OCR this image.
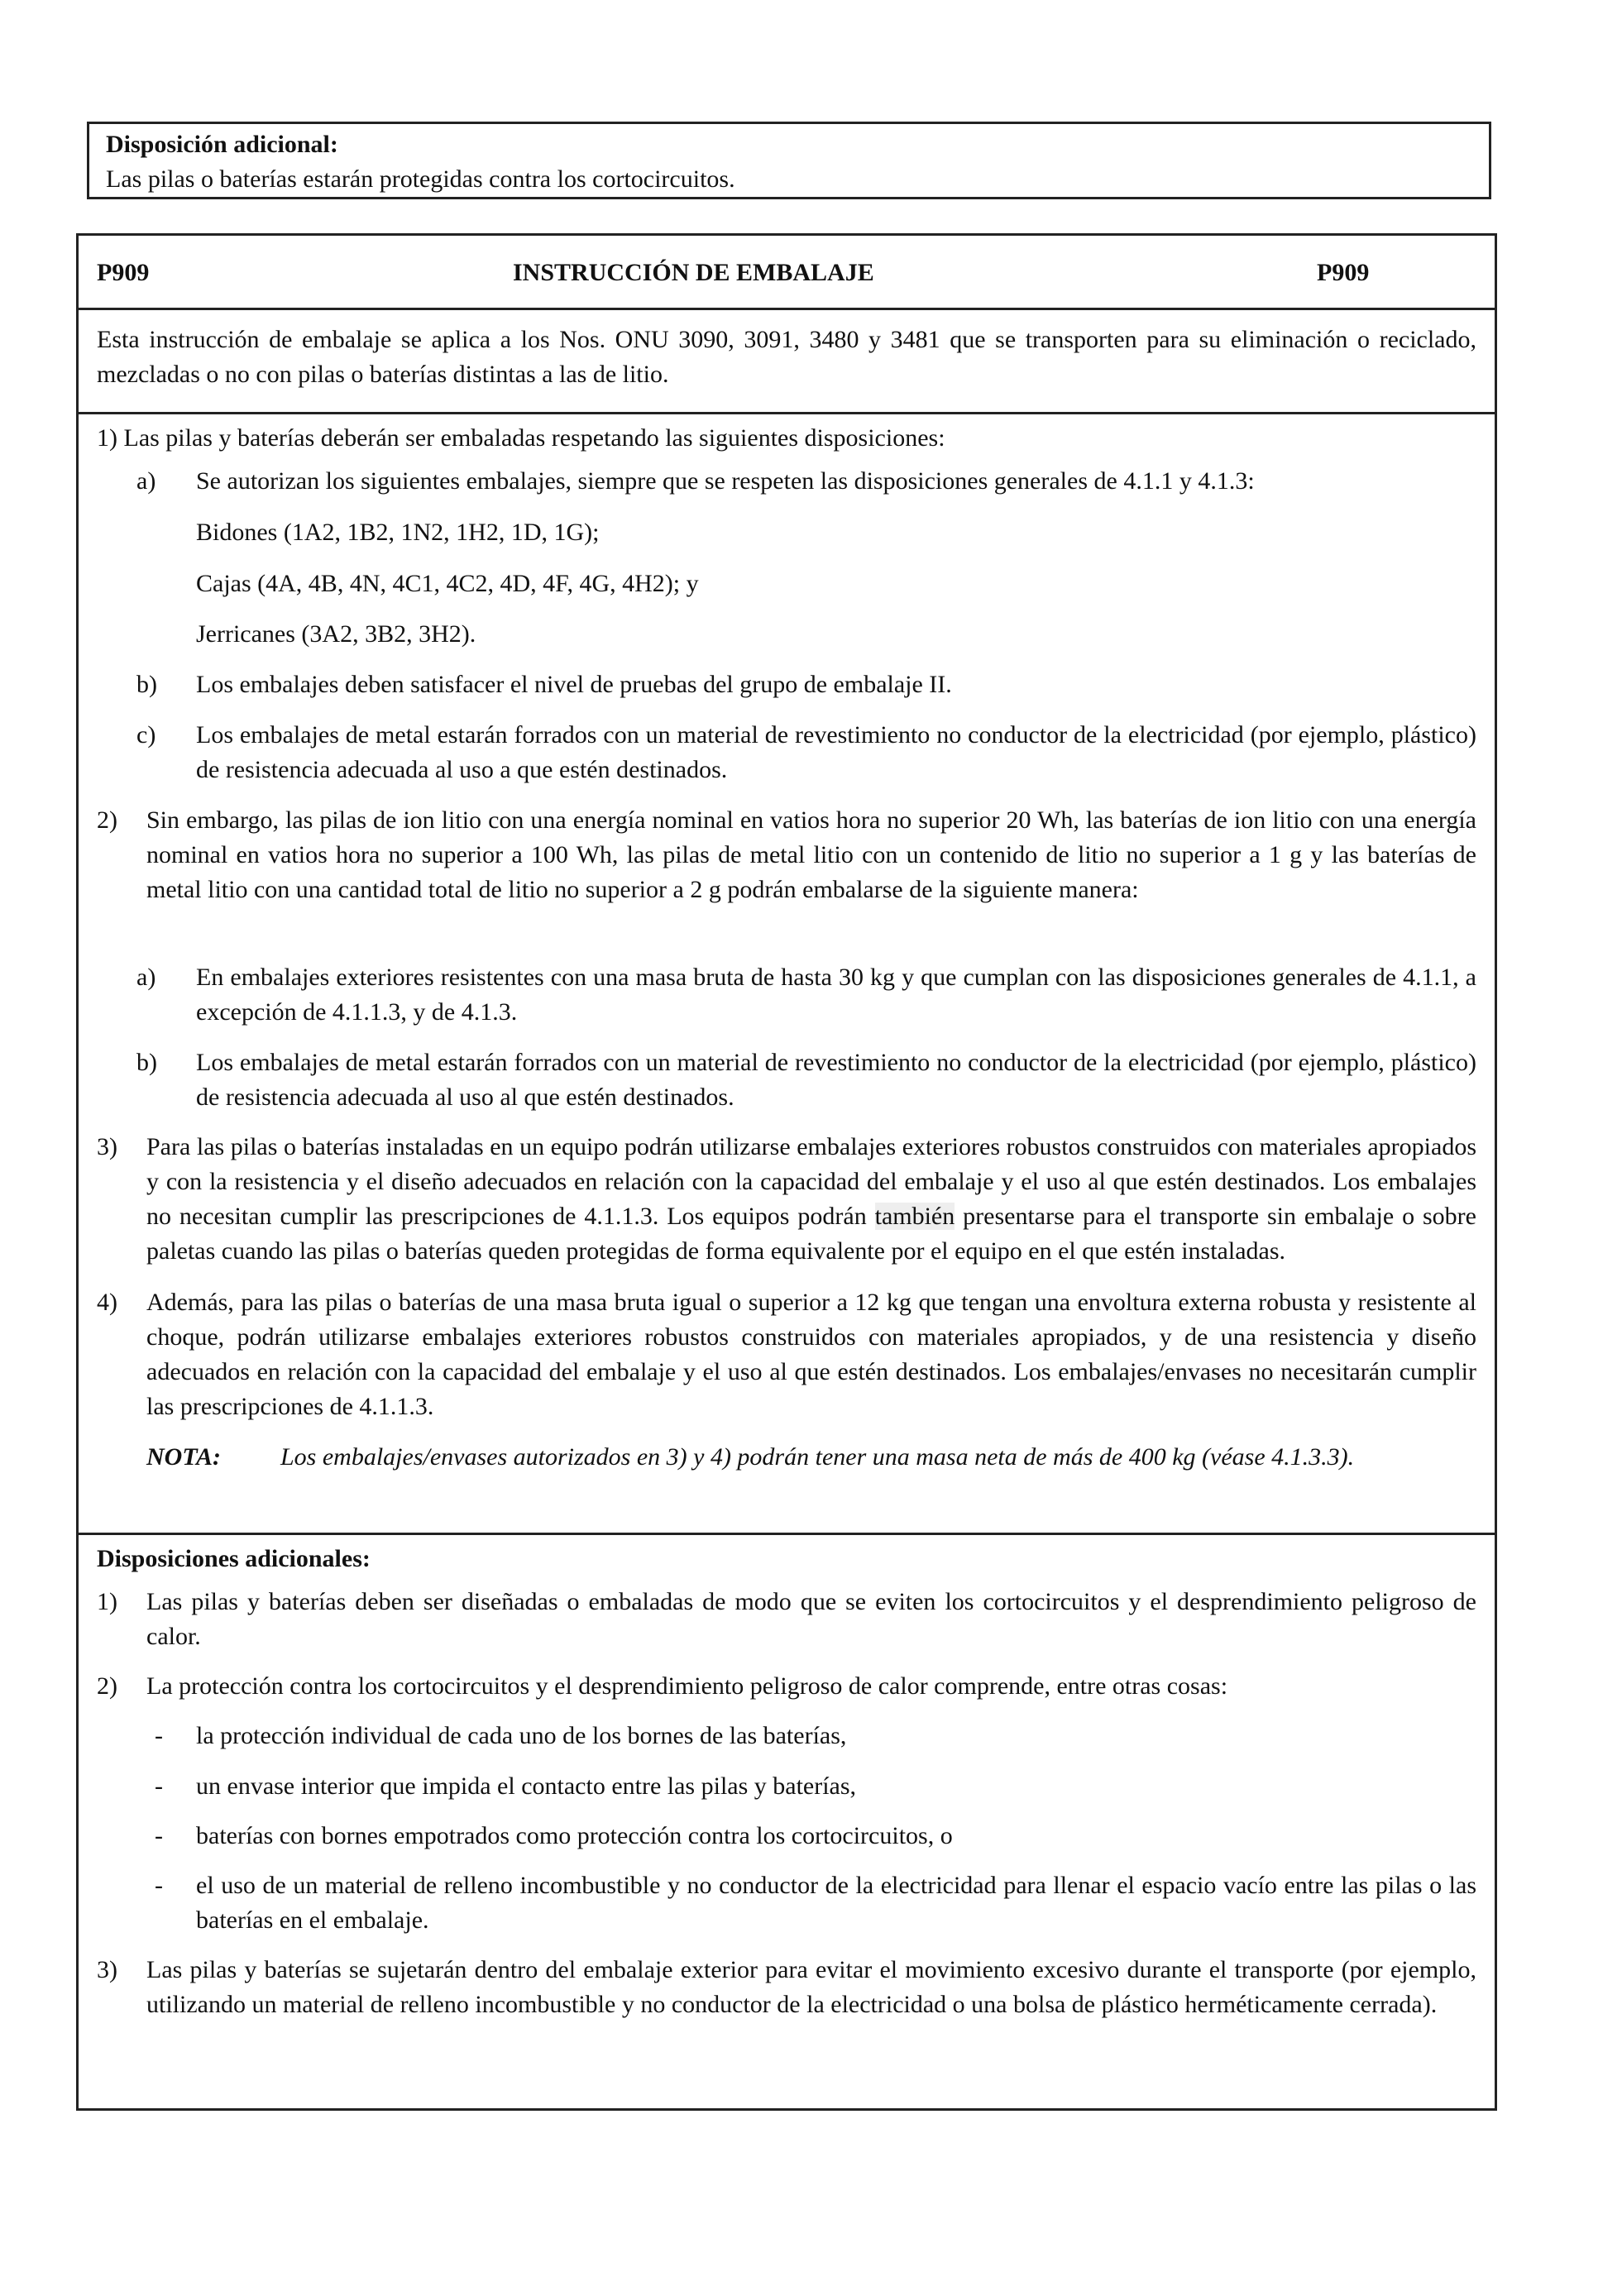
Disposición adicional:
Las pilas o baterías estarán protegidas contra los cortocircuitos.
P909	INSTRUCCIÓN DE EMBALAJE	P909
Esta instrucción de embalaje se aplica a los Nos. ONU 3090, 3091, 3480 y 3481 que se transporten para su eliminación o reciclado, mezcladas o no con pilas o baterías distintas a las de litio.
1) Las pilas y baterías deberán ser embaladas respetando las siguientes disposiciones:
a) Se autorizan los siguientes embalajes, siempre que se respeten las disposiciones generales de 4.1.1 y 4.1.3:
Bidones (1A2, 1B2, 1N2, 1H2, 1D, 1G);
Cajas (4A, 4B, 4N, 4C1, 4C2, 4D, 4F, 4G, 4H2); y
Jerricanes (3A2, 3B2, 3H2).
b) Los embalajes deben satisfacer el nivel de pruebas del grupo de embalaje II.
c) Los embalajes de metal estarán forrados con un material de revestimiento no conductor de la electricidad (por ejemplo, plástico) de resistencia adecuada al uso a que estén destinados.
2) Sin embargo, las pilas de ion litio con una energía nominal en vatios hora no superior 20 Wh, las baterías de ion litio con una energía nominal en vatios hora no superior a 100 Wh, las pilas de metal litio con un contenido de litio no superior a 1 g y las baterías de metal litio con una cantidad total de litio no superior a 2 g podrán embalarse de la siguiente manera:
a) En embalajes exteriores resistentes con una masa bruta de hasta 30 kg y que cumplan con las disposiciones generales de 4.1.1, a excepción de 4.1.1.3, y de 4.1.3.
b) Los embalajes de metal estarán forrados con un material de revestimiento no conductor de la electricidad (por ejemplo, plástico) de resistencia adecuada al uso al que estén destinados.
3) Para las pilas o baterías instaladas en un equipo podrán utilizarse embalajes exteriores robustos construidos con materiales apropiados y con la resistencia y el diseño adecuados en relación con la capacidad del embalaje y el uso al que estén destinados. Los embalajes no necesitan cumplir las prescripciones de 4.1.1.3. Los equipos podrán también presentarse para el transporte sin embalaje o sobre paletas cuando las pilas o baterías queden protegidas de forma equivalente por el equipo en el que estén instaladas.
4) Además, para las pilas o baterías de una masa bruta igual o superior a 12 kg que tengan una envoltura externa robusta y resistente al choque, podrán utilizarse embalajes exteriores robustos construidos con materiales apropiados, y de una resistencia y diseño adecuados en relación con la capacidad del embalaje y el uso al que estén destinados. Los embalajes/envases no necesitarán cumplir las prescripciones de 4.1.1.3.
NOTA: Los embalajes/envases autorizados en 3) y 4) podrán tener una masa neta de más de 400 kg (véase 4.1.3.3).
Disposiciones adicionales:
1) Las pilas y baterías deben ser diseñadas o embaladas de modo que se eviten los cortocircuitos y el desprendimiento peligroso de calor.
2) La protección contra los cortocircuitos y el desprendimiento peligroso de calor comprende, entre otras cosas:
- la protección individual de cada uno de los bornes de las baterías,
- un envase interior que impida el contacto entre las pilas y baterías,
- baterías con bornes empotrados como protección contra los cortocircuitos, o
- el uso de un material de relleno incombustible y no conductor de la electricidad para llenar el espacio vacío entre las pilas o las baterías en el embalaje.
3) Las pilas y baterías se sujetarán dentro del embalaje exterior para evitar el movimiento excesivo durante el transporte (por ejemplo, utilizando un material de relleno incombustible y no conductor de la electricidad o una bolsa de plástico herméticamente cerrada).
